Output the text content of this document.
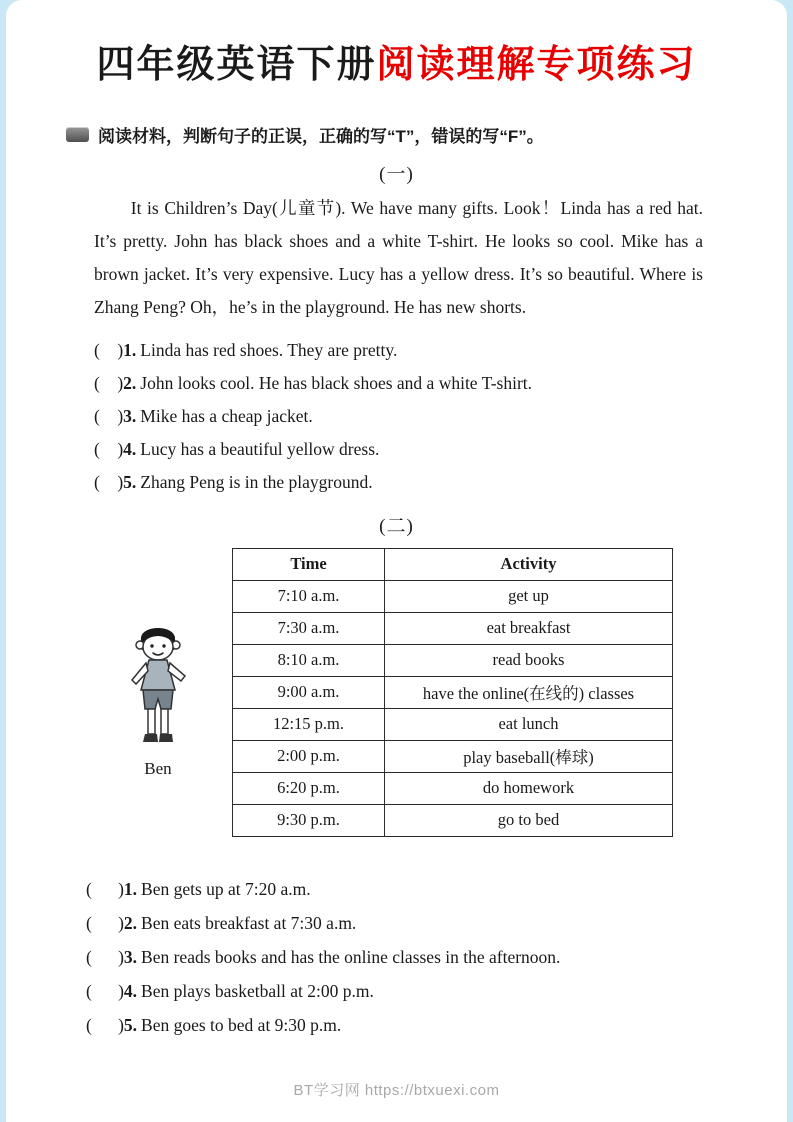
四年级英语下册阅读理解专项练习
阅读材料，判断句子的正误，正确的写“T”，错误的写“F”。
(一)

It is Children’s Day(儿童节). We have many gifts. Look！Linda has a red hat. It’s pretty. John has black shoes and a white T-shirt. He looks so cool. Mike has a brown jacket. It’s very expensive. Lucy has a yellow dress. It’s so beautiful. Where is Zhang Peng? Oh，he’s in the playground. He has new shorts.

(    )1. Linda has red shoes. They are pretty.
(    )2. John looks cool. He has black shoes and a white T-shirt.
(    )3. Mike has a cheap jacket.
(    )4. Lucy has a beautiful yellow dress.
(    )5. Zhang Peng is in the playground.
(二)
Ben
Time	Activity
7:10 a.m.	get up
7:30 a.m.	eat breakfast
8:10 a.m.	read books
9:00 a.m.	have the online(在线的) classes
12:15 p.m.	eat lunch
2:00 p.m.	play baseball(棒球)
6:20 p.m.	do homework
9:30 p.m.	go to bed
(      )1. Ben gets up at 7:20 a.m.
(      )2. Ben eats breakfast at 7:30 a.m.
(      )3. Ben reads books and has the online classes in the afternoon.
(      )4. Ben plays basketball at 2:00 p.m.
(      )5. Ben goes to bed at 9:30 p.m.
BT学习网 https://btxuexi.com
